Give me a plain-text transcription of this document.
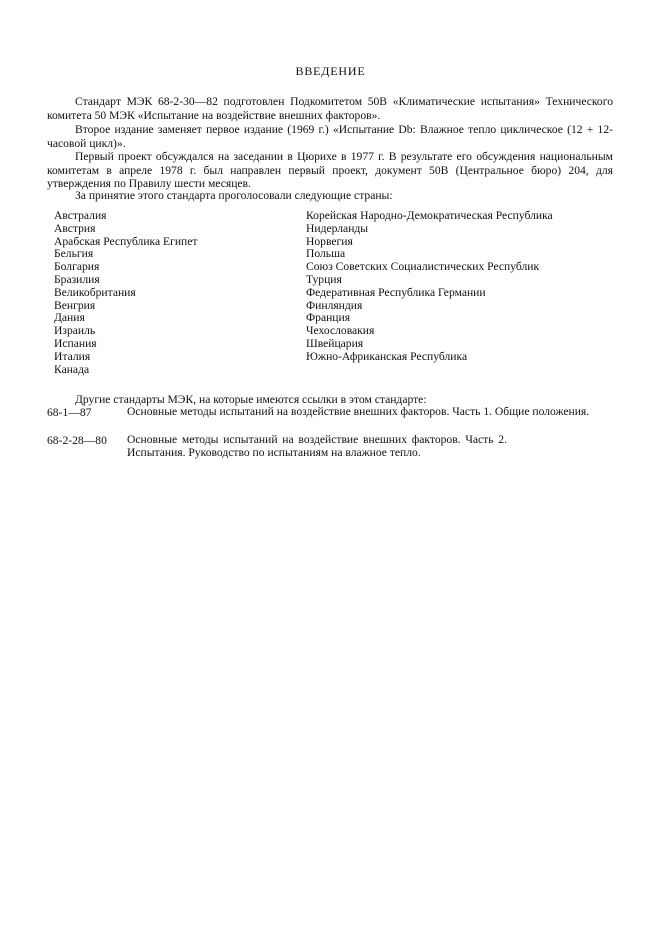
ВВЕДЕНИЕ
Стандарт МЭК 68-2-30—82 подготовлен Подкомитетом 50В «Климатические испытания» Технического комитета 50 МЭК «Испытание на воздействие внешних факторов».
Второе издание заменяет первое издание (1969 г.) «Испытание Db: Влажное тепло циклическое (12 + 12-часовой цикл)».
Первый проект обсуждался на заседании в Цюрихе в 1977 г. В результате его обсуждения национальным комитетам в апреле 1978 г. был направлен первый проект, документ 50В (Центральное бюро) 204, для утверждения по Правилу шести месяцев.
За принятие этого стандарта проголосовали следующие страны:
Австралия
Австрия
Арабская Республика Египет
Бельгия
Болгария
Бразилия
Великобритания
Венгрия
Дания
Израиль
Испания
Италия
Канада
Корейская Народно-Демократическая Республика
Нидерланды
Норвегия
Польша
Союз Советских Социалистических Республик
Турция
Федеративная Республика Германии
Финляндия
Франция
Чехословакия
Швейцария
Южно-Африканская Республика
Другие стандарты МЭК, на которые имеются ссылки в этом стандарте:
68-1—87	Основные методы испытаний на воздействие внешних факторов. Часть 1. Общие положения.
68-2-28—80 Основные методы испытаний на воздействие внешних факторов. Часть 2. Испытания. Руководство по испытаниям на влажное тепло.
